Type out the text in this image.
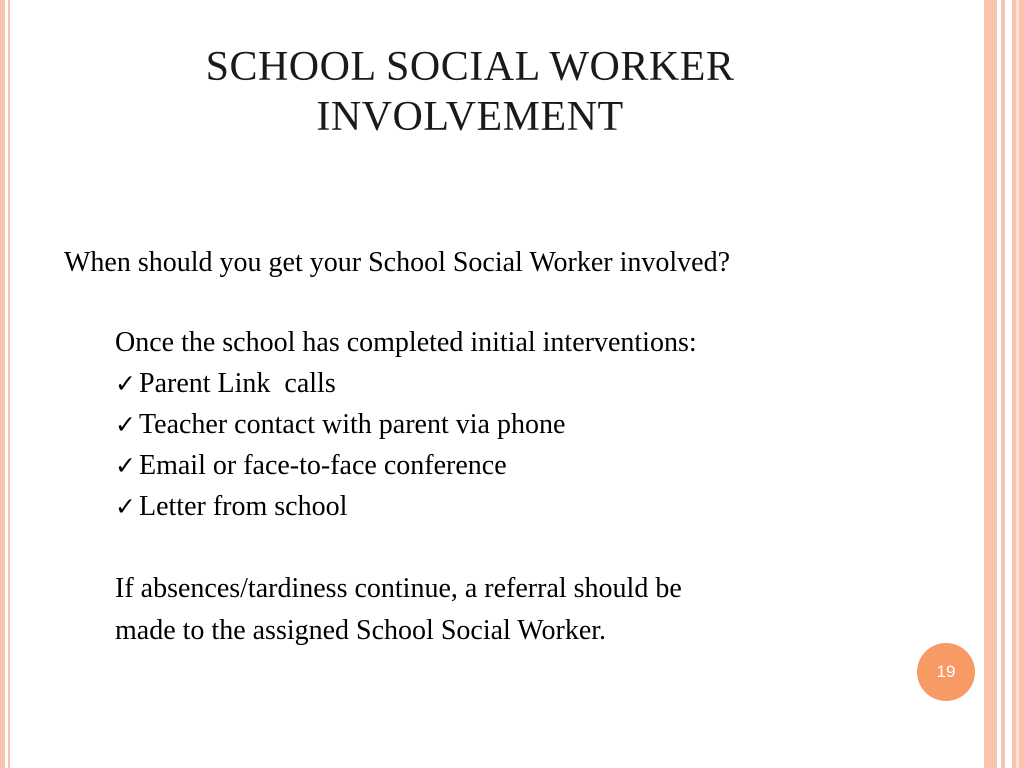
SCHOOL SOCIAL WORKER
INVOLVEMENT
When should you get your School Social Worker involved?
Once the school has completed initial interventions:
✓ Parent Link  calls
✓ Teacher contact with parent via phone
✓ Email or face-to-face conference
✓ Letter from school
If absences/tardiness continue, a referral should be
made to the assigned School Social Worker.
19
